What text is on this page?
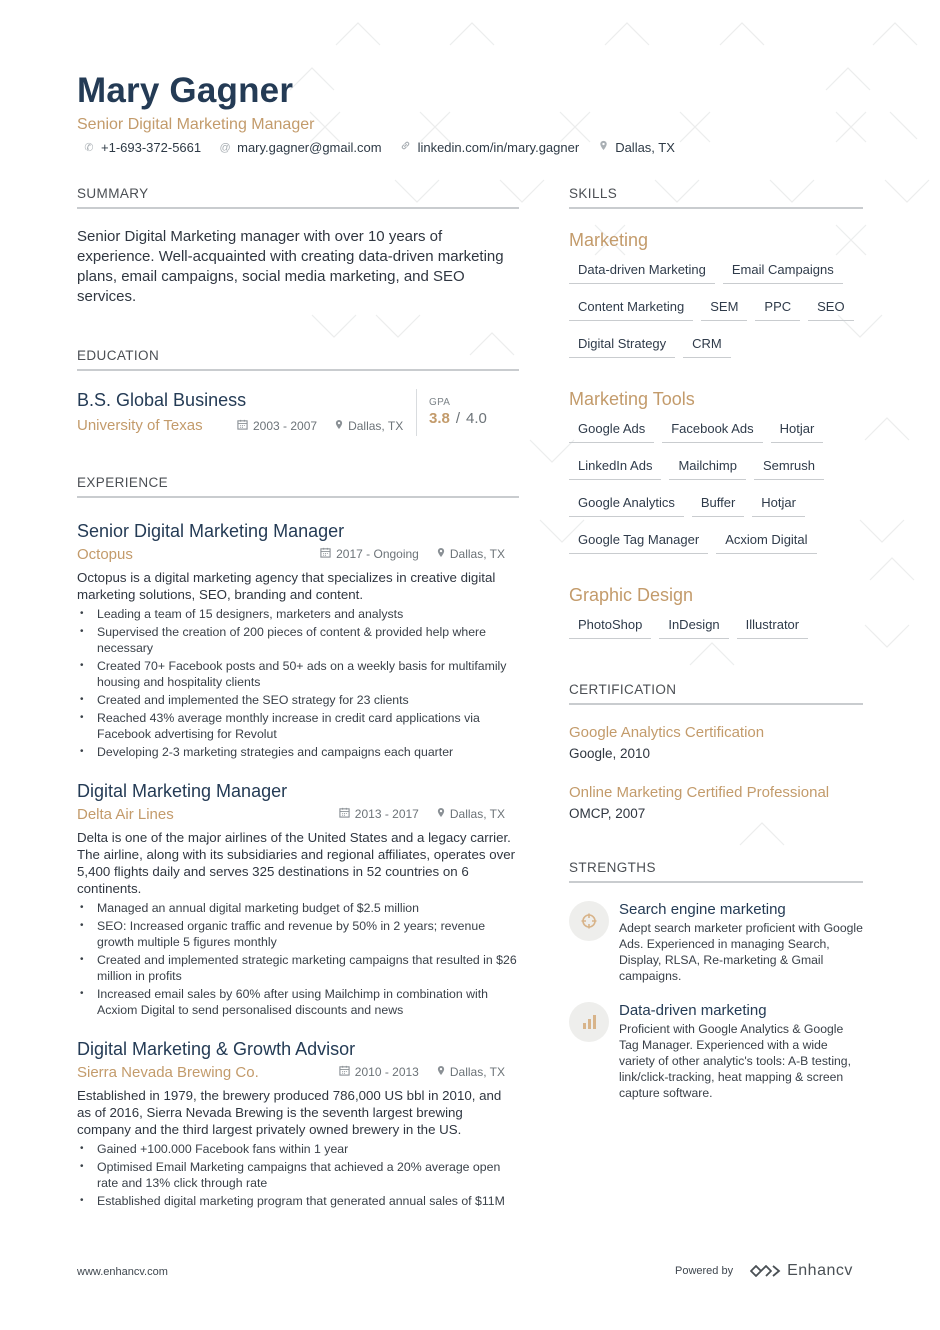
Mary Gagner
Senior Digital Marketing Manager
✆ +1-693-372-5661 @ mary.gagner@gmail.com	linkedin.com/in/mary.gagner	Dallas, TX
SUMMARY
Senior Digital Marketing manager with over 10 years of experience. Well-acquainted with creating data-driven marketing plans, email campaigns, social media marketing, and SEO services.
EDUCATION
B.S. Global Business
University of Texas	2003 - 2007	Dallas, TX
GPA
3.8 / 4.0
EXPERIENCE
Senior Digital Marketing Manager
Octopus	2017 - Ongoing	Dallas, TX
Octopus is a digital marketing agency that specializes in creative digital marketing solutions, SEO, branding and content.
• Leading a team of 15 designers, marketers and analysts
• Supervised the creation of 200 pieces of content & provided help where necessary
• Created 70+ Facebook posts and 50+ ads on a weekly basis for multifamily housing and hospitality clients
• Created and implemented the SEO strategy for 23 clients
• Reached 43% average monthly increase in credit card applications via Facebook advertising for Revolut
• Developing 2-3 marketing strategies and campaigns each quarter
Digital Marketing Manager
Delta Air Lines	2013 - 2017	Dallas, TX
Delta is one of the major airlines of the United States and a legacy carrier. The airline, along with its subsidiaries and regional affiliates, operates over 5,400 flights daily and serves 325 destinations in 52 countries on 6 continents.
• Managed an annual digital marketing budget of $2.5 million
• SEO: Increased organic traffic and revenue by 50% in 2 years; revenue growth multiple 5 figures monthly
• Created and implemented strategic marketing campaigns that resulted in $26 million in profits
• Increased email sales by 60% after using Mailchimp in combination with Acxiom Digital to send personalised discounts and news
Digital Marketing & Growth Advisor
Sierra Nevada Brewing Co.	2010 - 2013	Dallas, TX
Established in 1979, the brewery produced 786,000 US bbl in 2010, and as of 2016, Sierra Nevada Brewing is the seventh largest brewing company and the third largest privately owned brewery in the US.
• Gained +100.000 Facebook fans within 1 year
• Optimised Email Marketing campaigns that achieved a 20% average open rate and 13% click through rate
• Established digital marketing program that generated annual sales of $11M
SKILLS
Marketing
Data-driven Marketing	Email Campaigns
Content Marketing	SEM	PPC	SEO
Digital Strategy	CRM
Marketing Tools
Google Ads	Facebook Ads	Hotjar
LinkedIn Ads	Mailchimp	Semrush
Google Analytics	Buffer	Hotjar
Google Tag Manager	Acxiom Digital
Graphic Design
PhotoShop	InDesign	Illustrator
CERTIFICATION
Google Analytics Certification
Google, 2010
Online Marketing Certified Professional
OMCP, 2007
STRENGTHS
Search engine marketing
Adept search marketer proficient with Google Ads. Experienced in managing Search, Display, RLSA, Re-marketing & Gmail campaigns.
Data-driven marketing
Proficient with Google Analytics & Google Tag Manager. Experienced with a wide variety of other analytic's tools: A-B testing, link/click-tracking, heat mapping & screen capture software.
www.enhancv.com	Powered by	Enhancv
